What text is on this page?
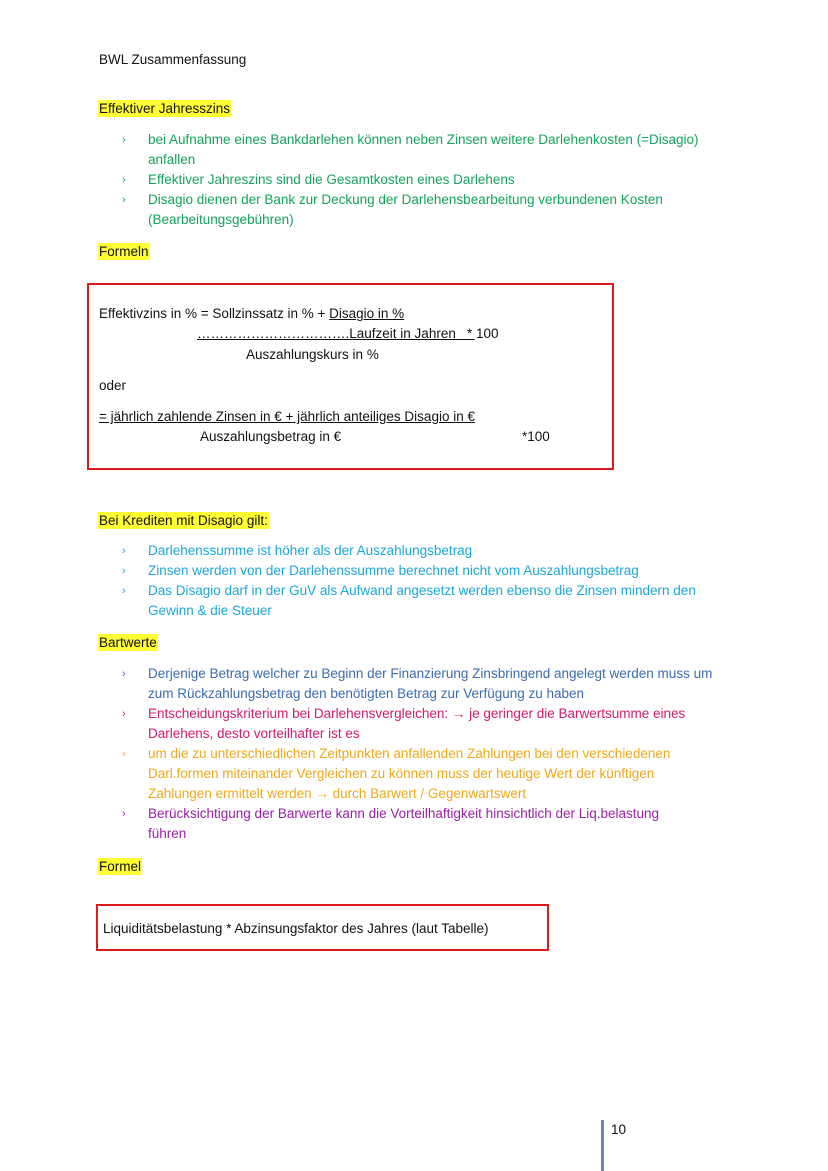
BWL Zusammenfassung
Effektiver Jahresszins
› bei Aufnahme eines Bankdarlehen können neben Zinsen weitere Darlehenkosten (=Disagio)
anfallen
› Effektiver Jahreszins sind die Gesamtkosten eines Darlehens
› Disagio dienen der Bank zur Deckung der Darlehensbearbeitung verbundenen Kosten
(Bearbeitungsgebühren)
Formeln
Effektivzins in % = Sollzinssatz in % + Disagio in %
…………………………….Laufzeit in Jahren
* 100
Auszahlungskurs in %
oder
= jährlich zahlende Zinsen in € + jährlich anteiliges Disagio in €
Auszahlungsbetrag in €	*100
Bei Krediten mit Disagio gilt:
› Darlehenssumme ist höher als der Auszahlungsbetrag
› Zinsen werden von der Darlehenssumme berechnet nicht vom Auszahlungsbetrag
› Das Disagio darf in der GuV als Aufwand angesetzt werden ebenso die Zinsen mindern den
Gewinn & die Steuer
Bartwerte
› Derjenige Betrag welcher zu Beginn der Finanzierung Zinsbringend angelegt werden muss um
zum Rückzahlungsbetrag den benötigten Betrag zur Verfügung zu haben
› Entscheidungskriterium bei Darlehensvergleichen: → je geringer die Barwertsumme eines
Darlehens, desto vorteilhafter ist es
› um die zu unterschiedlichen Zeitpunkten anfallenden Zahlungen bei den verschiedenen
Darl.formen miteinander Vergleichen zu können muss der heutige Wert der künftigen
Zahlungen ermittelt werden → durch Barwert / Gegenwartswert
› Berücksichtigung der Barwerte kann die Vorteilhaftigkeit hinsichtlich der Liq.belastung
führen
Formel
Liquiditätsbelastung * Abzinsungsfaktor des Jahres (laut Tabelle)
10
